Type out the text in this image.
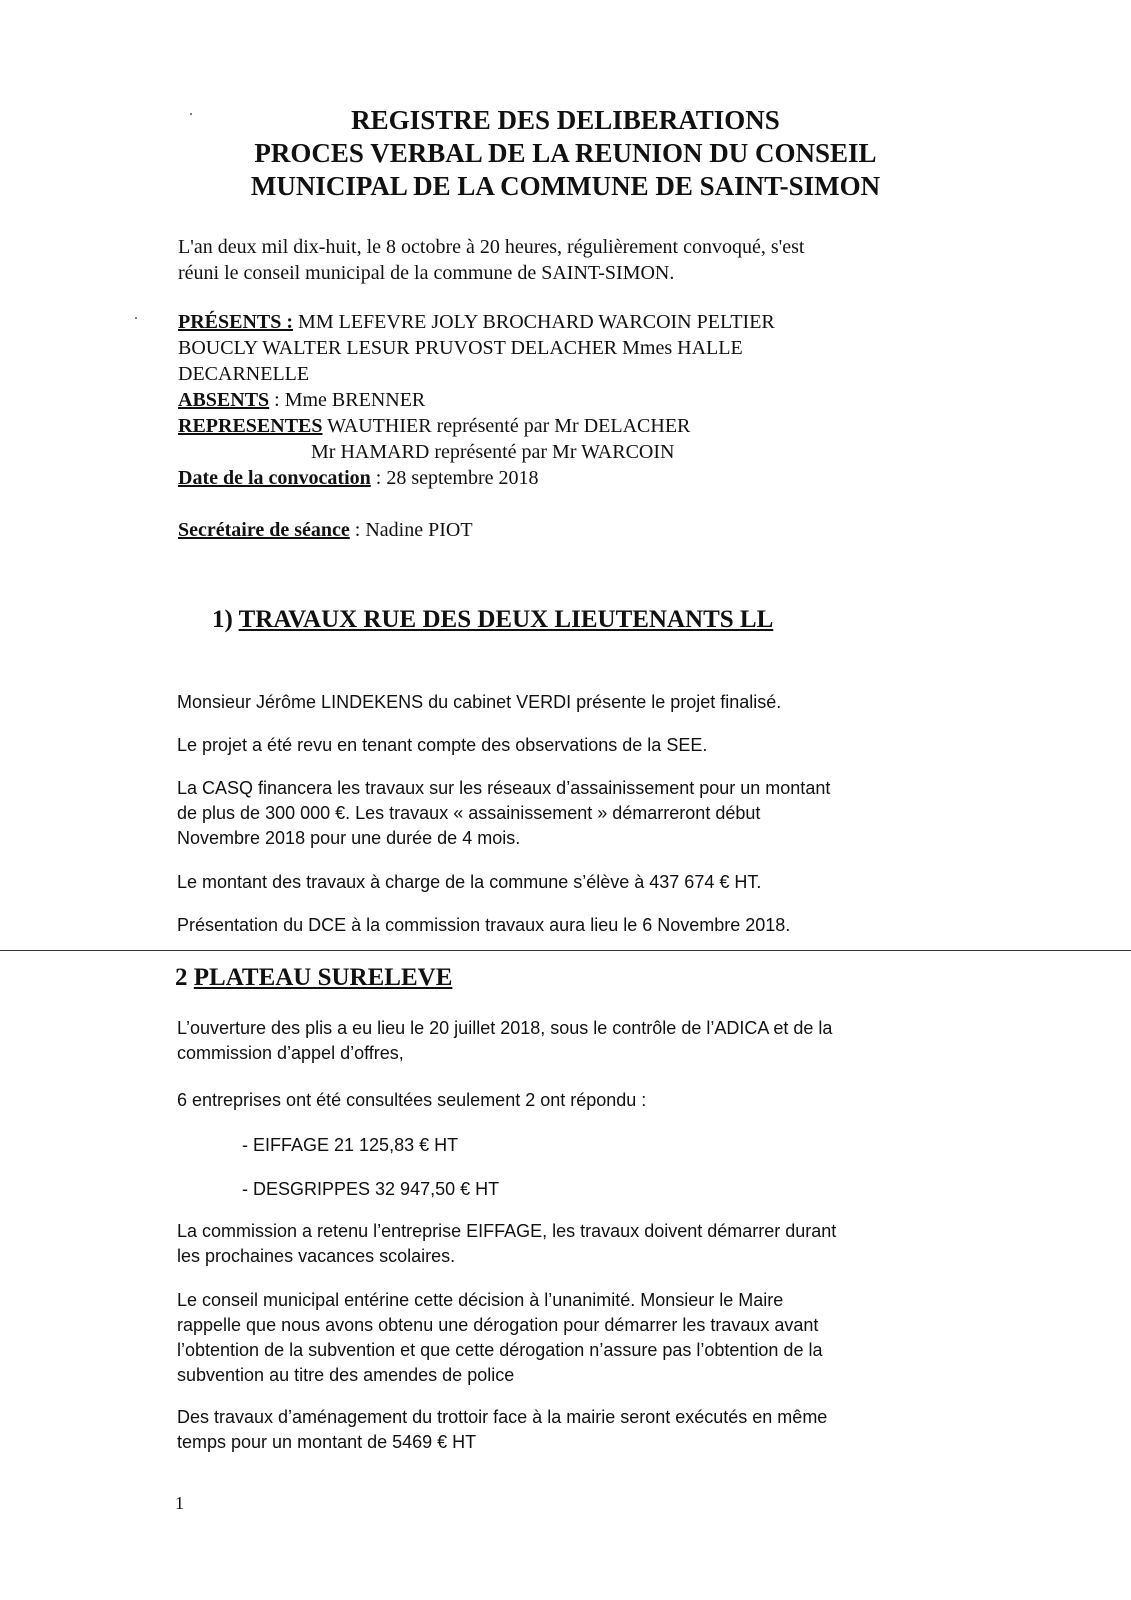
REGISTRE DES DELIBERATIONS
PROCES VERBAL DE LA REUNION DU CONSEIL
MUNICIPAL DE LA COMMUNE DE SAINT-SIMON
L'an deux mil dix-huit, le 8 octobre à 20 heures, régulièrement convoqué, s'est
réuni le conseil municipal de la commune de SAINT-SIMON.
PRÉSENTS : MM LEFEVRE JOLY BROCHARD WARCOIN PELTIER
BOUCLY WALTER LESUR PRUVOST DELACHER Mmes HALLE
DECARNELLE
ABSENTS : Mme BRENNER
REPRESENTES WAUTHIER représenté par Mr DELACHER
Mr HAMARD représenté par Mr WARCOIN
Date de la convocation : 28 septembre 2018
Secrétaire de séance : Nadine PIOT
1) TRAVAUX RUE DES DEUX LIEUTENANTS LL
Monsieur Jérôme LINDEKENS du cabinet VERDI présente le projet finalisé.
Le projet a été revu en tenant compte des observations de la SEE.
La CASQ financera les travaux sur les réseaux d’assainissement pour un montant
de plus de 300 000 €. Les travaux « assainissement » démarreront début
Novembre 2018 pour une durée de 4 mois.
Le montant des travaux à charge de la commune s’élève à 437 674 € HT.
Présentation du DCE à la commission travaux aura lieu le 6 Novembre 2018.
2 PLATEAU SURELEVE
L’ouverture des plis a eu lieu le 20 juillet 2018, sous le contrôle de l’ADICA et de la
commission d’appel d’offres,
6 entreprises ont été consultées seulement 2 ont répondu :
- EIFFAGE 21 125,83 € HT
- DESGRIPPES 32 947,50 € HT
La commission a retenu l’entreprise EIFFAGE, les travaux doivent démarrer durant
les prochaines vacances scolaires.
Le conseil municipal entérine cette décision à l’unanimité. Monsieur le Maire
rappelle que nous avons obtenu une dérogation pour démarrer les travaux avant
l’obtention de la subvention et que cette dérogation n’assure pas l’obtention de la
subvention au titre des amendes de police
Des travaux d’aménagement du trottoir face à la mairie seront exécutés en même
temps pour un montant de 5469 € HT
1
